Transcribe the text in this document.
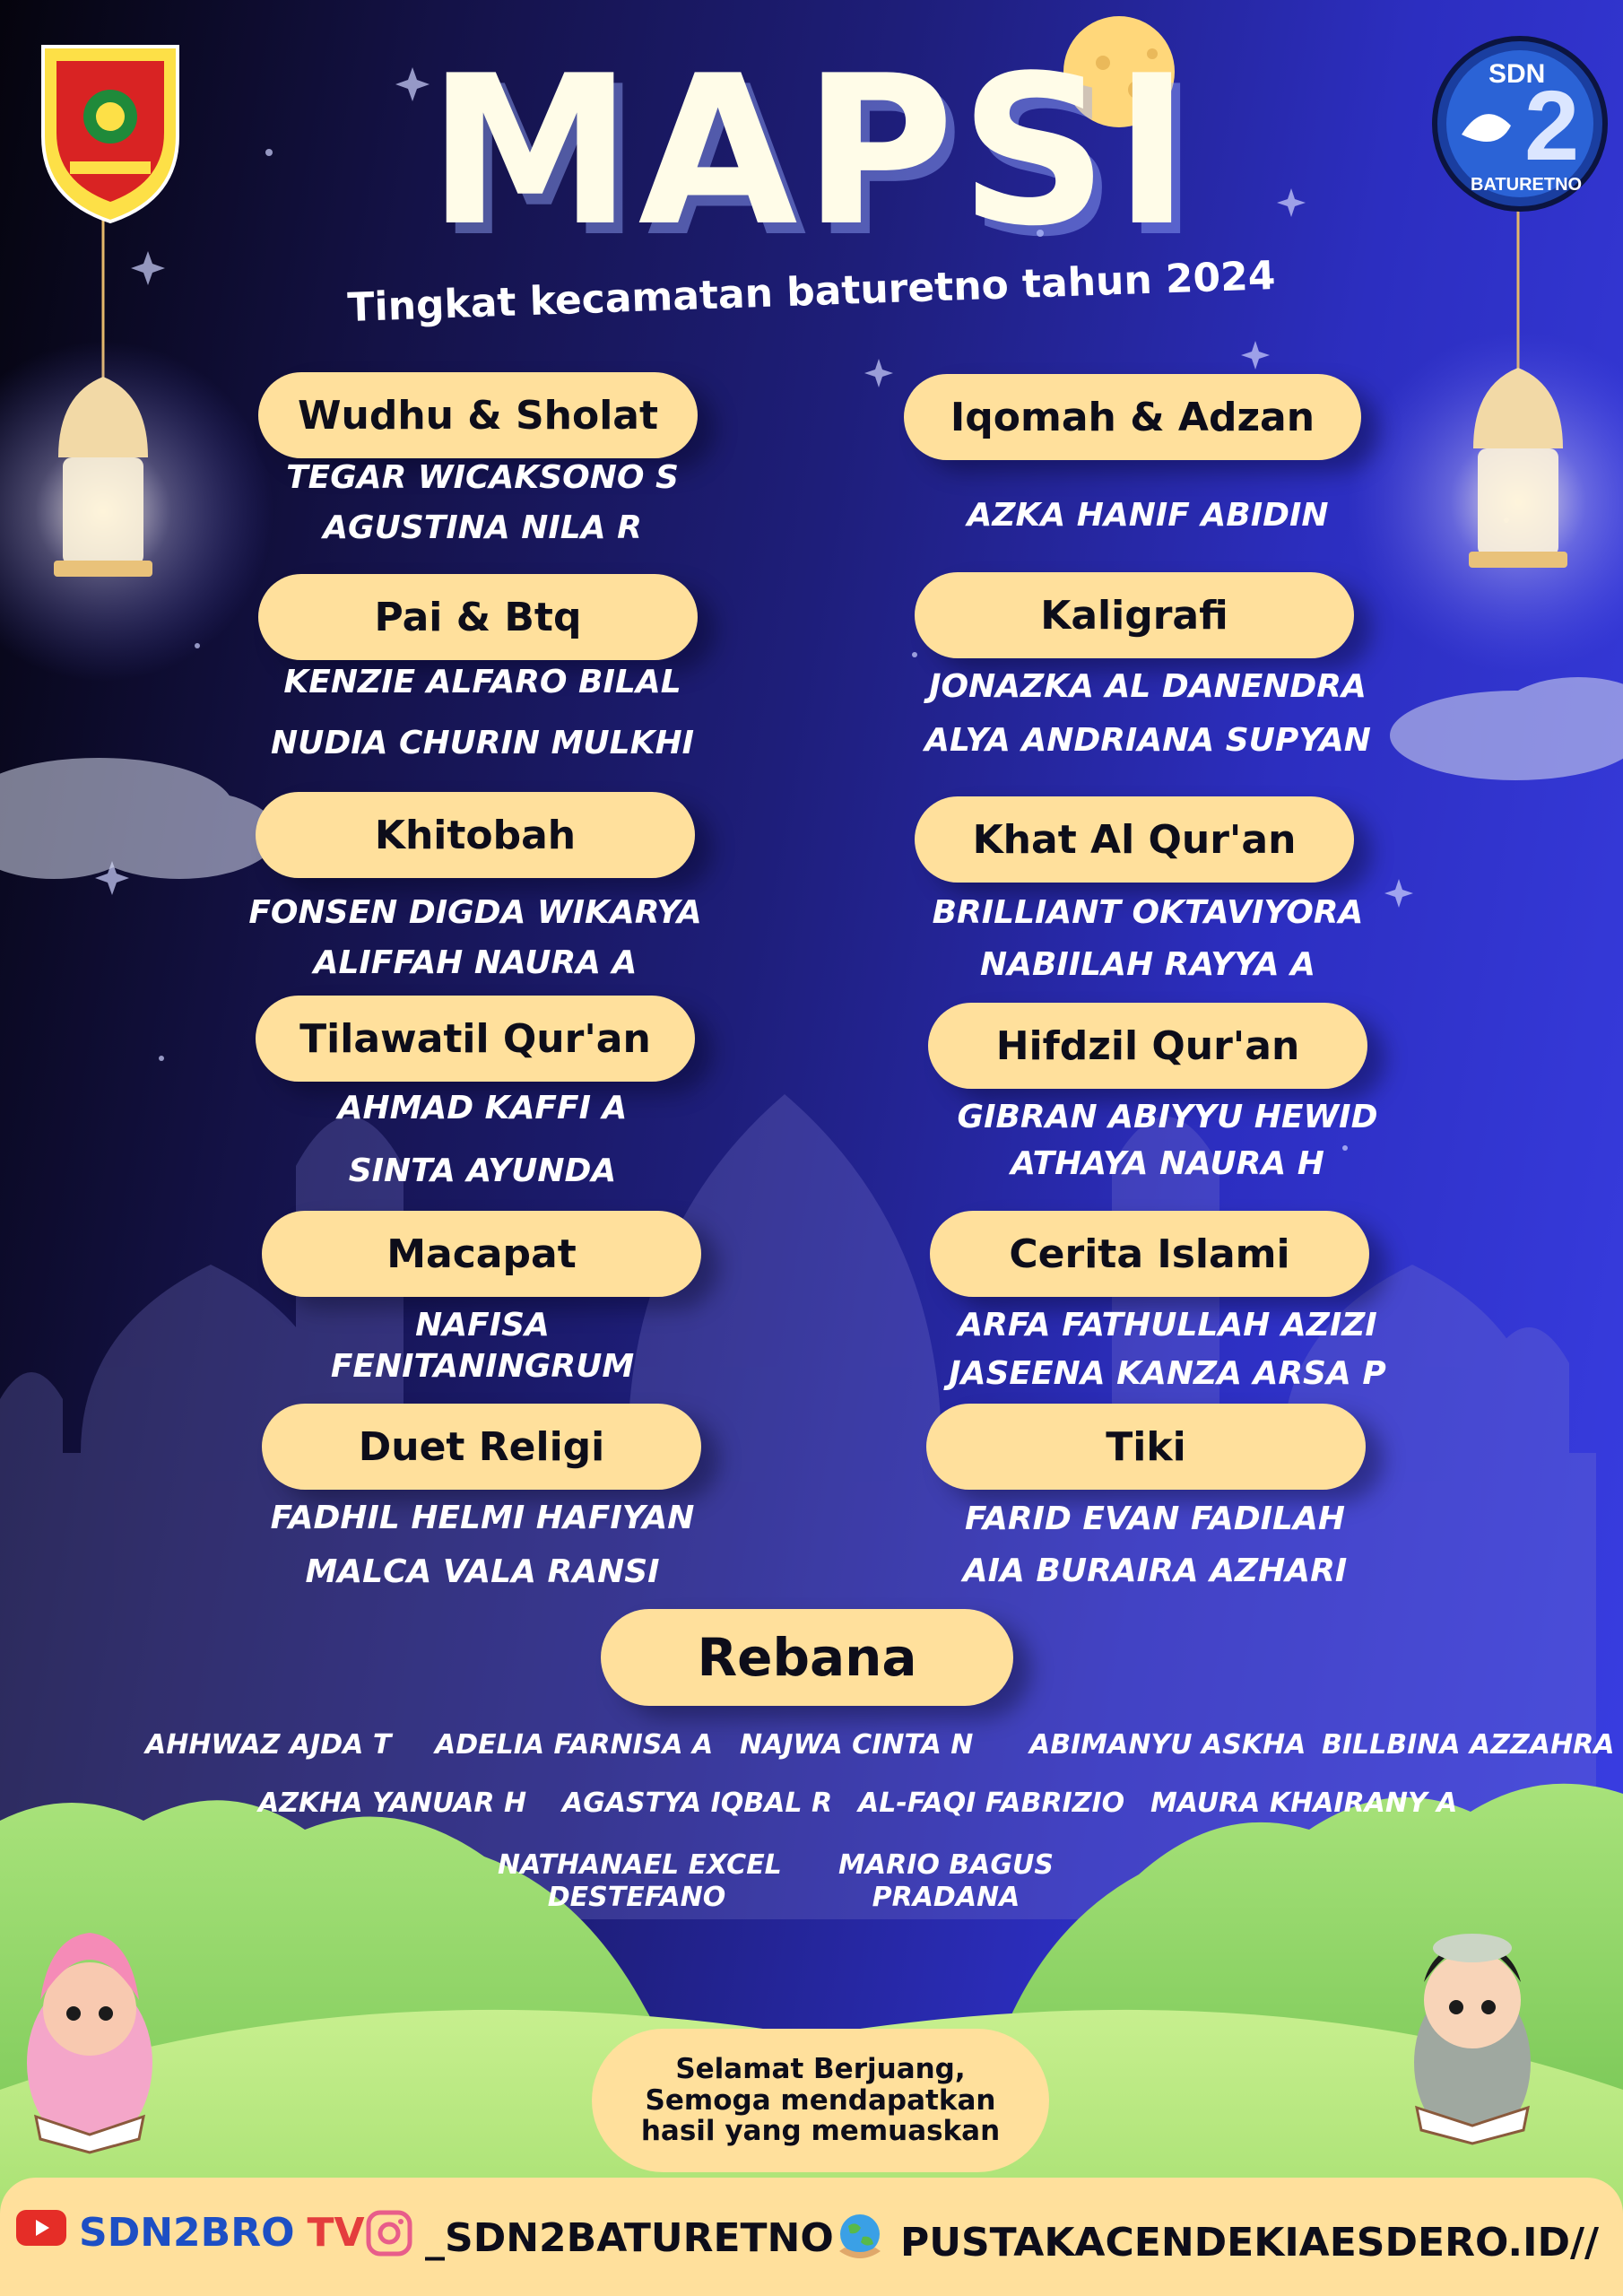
SDN
2
BATURETNO
MAPSI
Tingkat kecamatan baturetno tahun 2024
Wudhu & Sholat
TEGAR WICAKSONO S
AGUSTINA NILA R
Pai & Btq
KENZIE ALFARO BILAL
NUDIA CHURIN MULKHI
Khitobah
FONSEN DIGDA WIKARYA
ALIFFAH NAURA A
Tilawatil Qur'an
AHMAD KAFFI A
SINTA AYUNDA
Macapat
NAFISA
FENITANINGRUM
Duet Religi
FADHIL HELMI HAFIYAN
MALCA VALA RANSI
Iqomah & Adzan
AZKA HANIF ABIDIN
Kaligrafi
JONAZKA AL DANENDRA
ALYA ANDRIANA SUPYAN
Khat Al Qur'an
BRILLIANT OKTAVIYORA
NABIILAH RAYYA A
Hifdzil Qur'an
GIBRAN ABIYYU HEWID
ATHAYA NAURA H
Cerita Islami
ARFA FATHULLAH AZIZI
JASEENA KANZA ARSA P
Tiki
FARID EVAN FADILAH
AIA BURAIRA AZHARI
Rebana
AHHWAZ AJDA T ADELIA FARNISA A NAJWA CINTA N ABIMANYU ASKHA BILLBINA AZZAHRA
AZKHA YANUAR H AGASTYA IQBAL R AL-FAQI FABRIZIO MAURA KHAIRANY A
NATHANAEL EXCEL
DESTEFANO
MARIO BAGUS
PRADANA
Selamat Berjuang, Semoga mendapatkan hasil yang memuaskan
SDN2BRO TV _SDN2BATURETNO PUSTAKACENDEKIAESDERO.ID//
